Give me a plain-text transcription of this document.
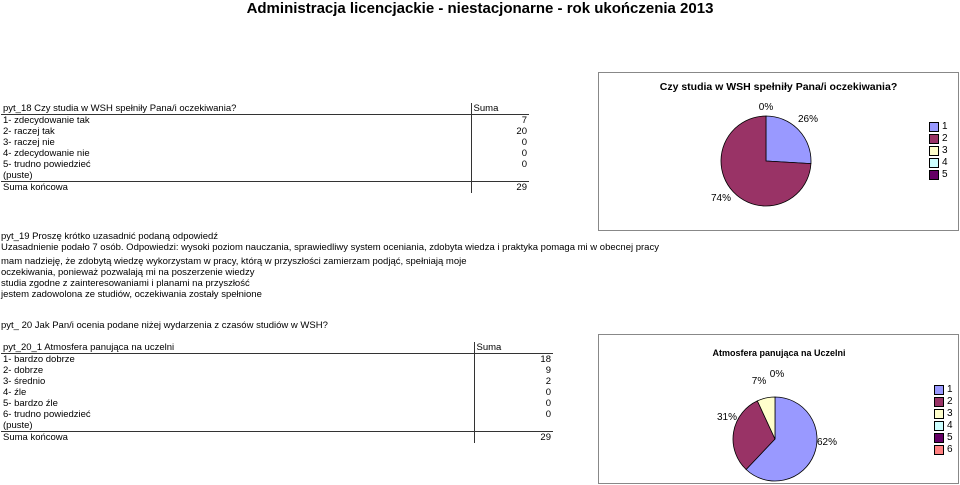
Administracja licencjackie - niestacjonarne - rok ukończenia 2013
pyt_18 Czy studia w WSH spełniły Pana/i oczekiwania?	Suma
1- zdecydowanie tak	7
2- raczej tak	20
3- raczej nie	0
4- zdecydowanie nie	0
5- trudno powiedzieć	0
(puste)	
Suma końcowa	29
Czy studia w WSH spełniły Pana/i oczekiwania?
26%
74%
0%
1
2
3
4
5
pyt_19 Proszę krótko uzasadnić podaną odpowiedź
Uzasadnienie podało 7 osób. Odpowiedzi: wysoki poziom nauczania, sprawiedliwy system oceniania, zdobyta wiedza i praktyka pomaga mi w obecnej pracy
mam nadzieję, że zdobytą wiedzę wykorzystam w pracy, którą w przyszłości zamierzam podjąć, spełniają moje
oczekiwania, ponieważ pozwalają mi na poszerzenie wiedzy
studia zgodne z zainteresowaniami i planami na przyszłość
jestem zadowolona ze studiów, oczekiwania zostały spełnione
pyt_ 20 Jak Pan/i ocenia podane niżej wydarzenia z czasów studiów w WSH?
pyt_20_1 Atmosfera panująca na uczelni	Suma
1- bardzo dobrze	18
2- dobrze	9
3- średnio	2
4- źle	0
5- bardzo źle	0
6- trudno powiedzieć	0
(puste)	
Suma końcowa	29
Atmosfera panująca na Uczelni
62%
31%
7%
0%
1
2
3
4
5
6
